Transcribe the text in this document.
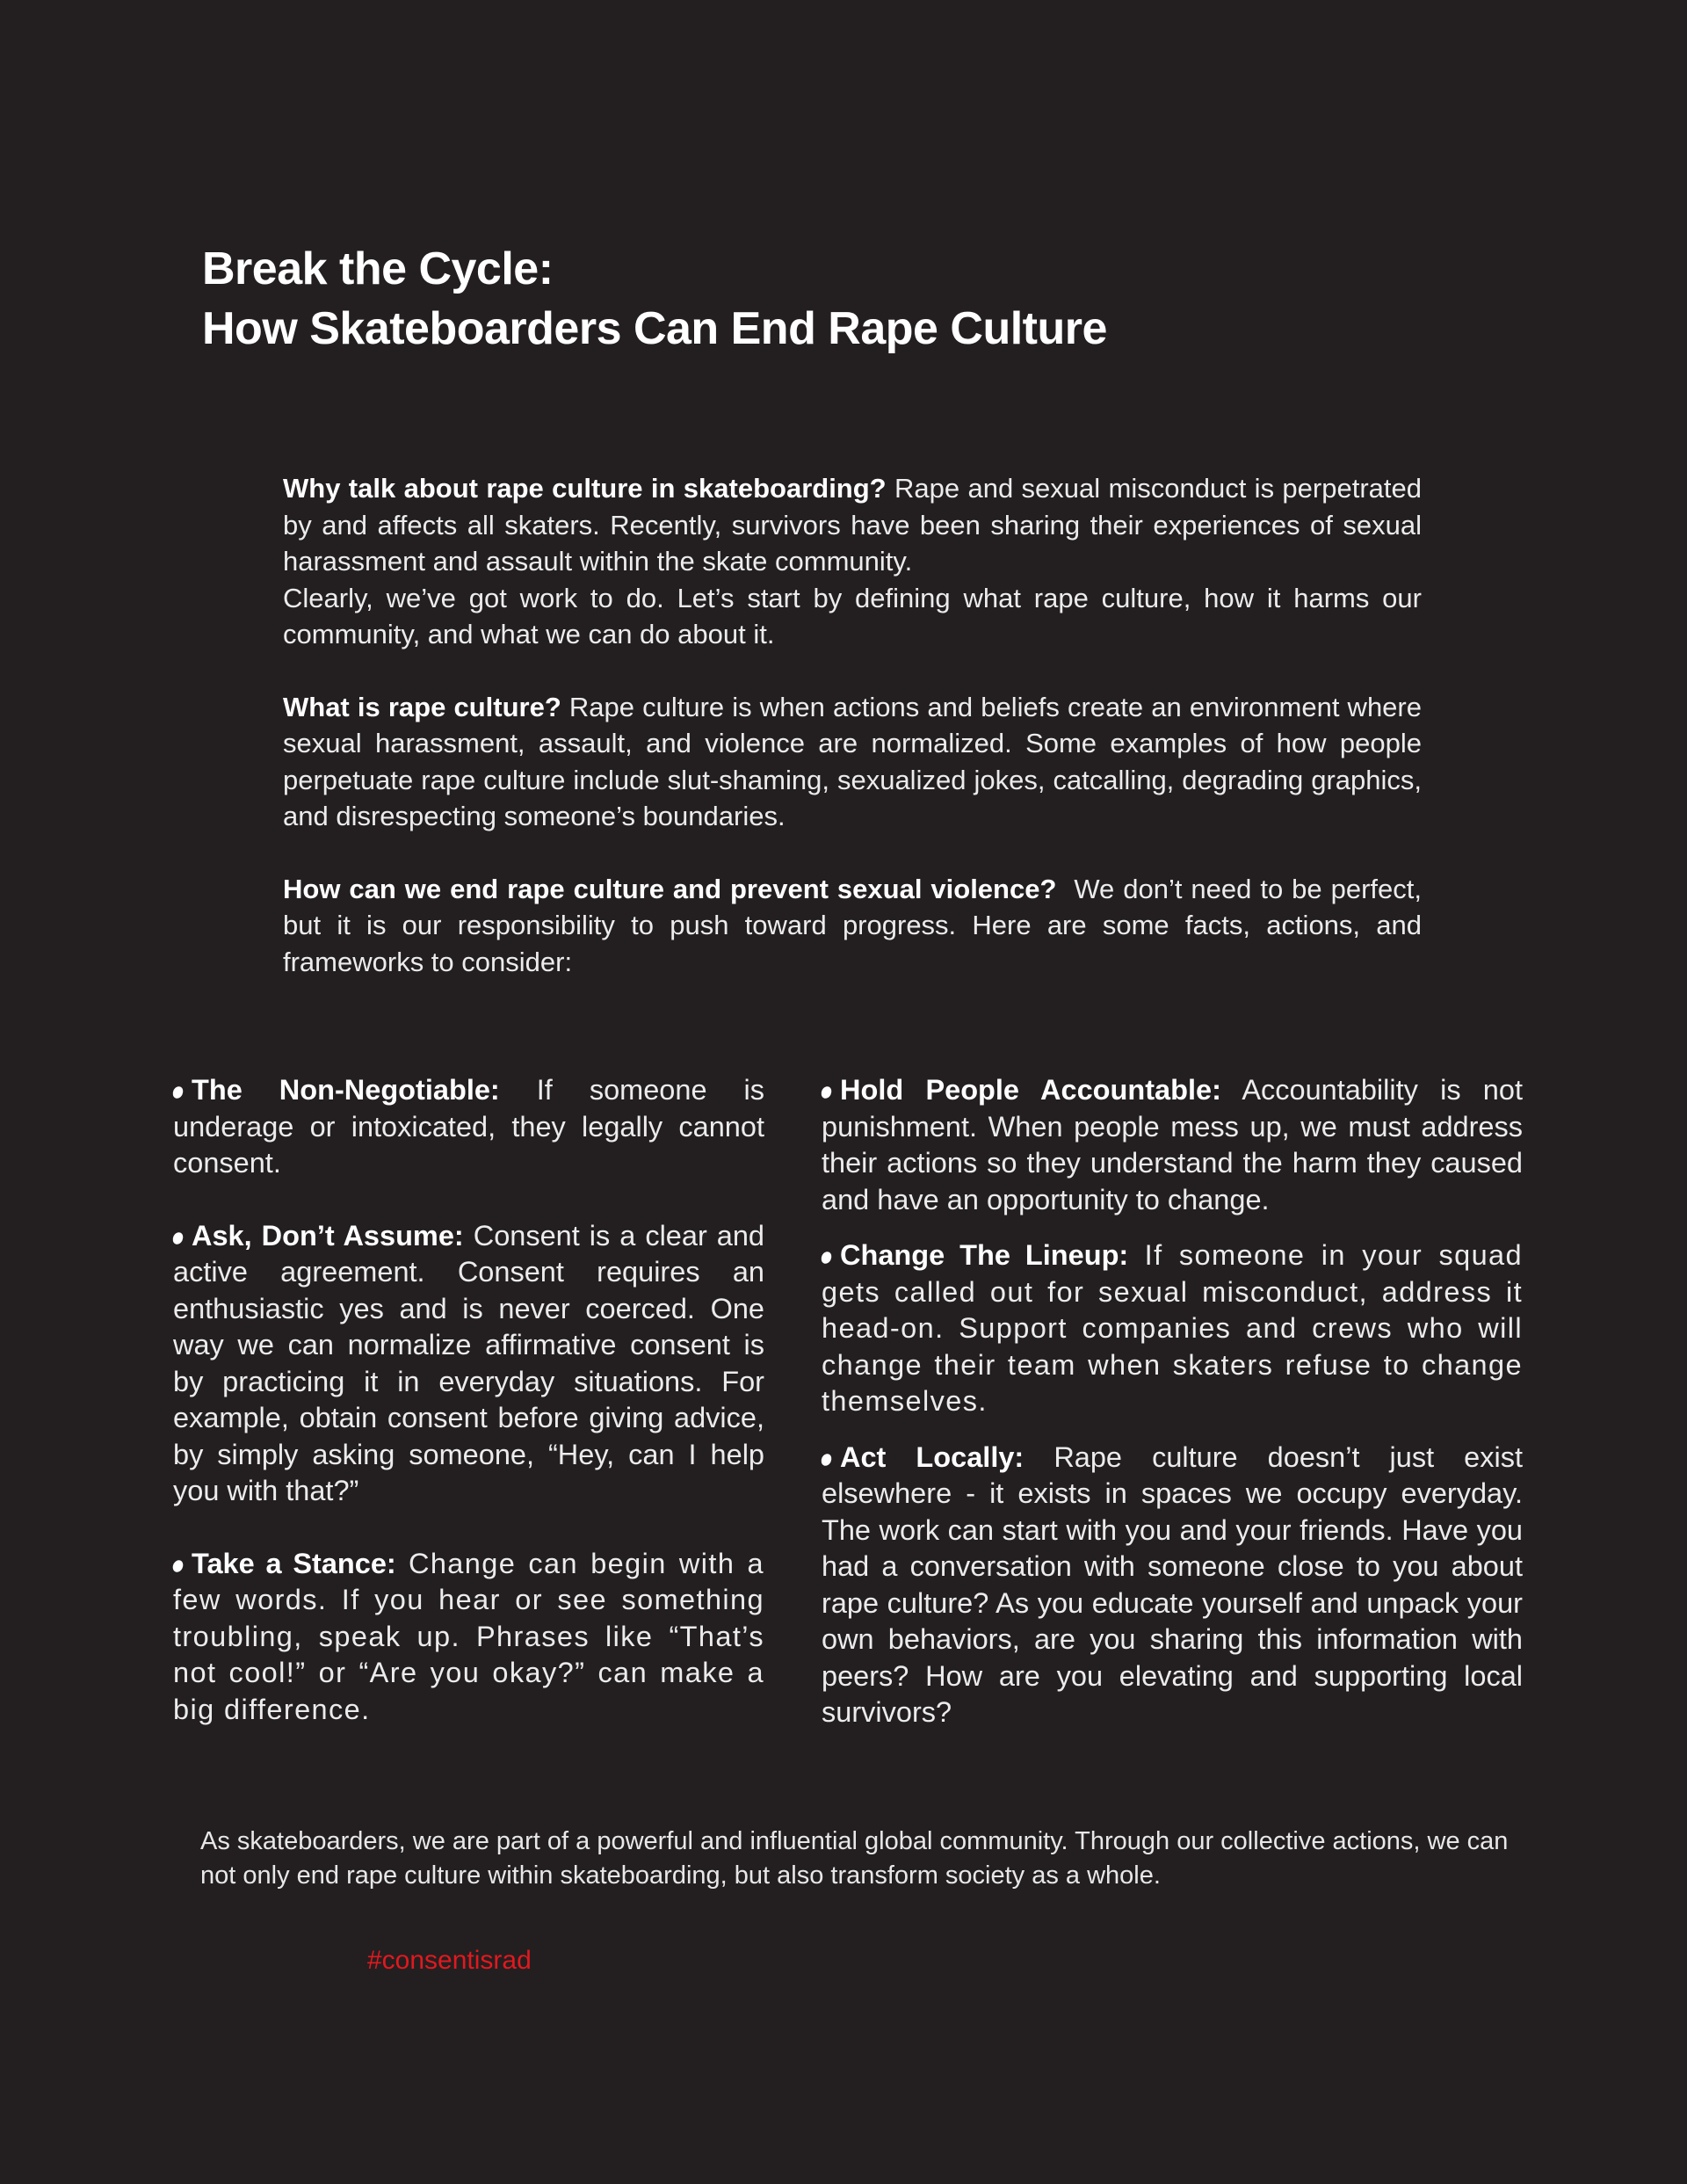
Break the Cycle:
How Skateboarders Can End Rape Culture

Why talk about rape culture in skateboarding? Rape and sexual misconduct is perpetrated by and affects all skaters. Recently, survivors have been sharing their experiences of sexual harassment and assault within the skate community.
Clearly, we’ve got work to do. Let’s start by defining what rape culture, how it harms our community, and what we can do about it.

What is rape culture? Rape culture is when actions and beliefs create an environment where sexual harassment, assault, and violence are normalized. Some examples of how people perpetuate rape culture include slut-shaming, sexualized jokes, catcalling, degrading graphics, and disrespecting someone’s boundaries.

How can we end rape culture and prevent sexual violence? We don’t need to be perfect, but it is our responsibility to push toward progress. Here are some facts, actions, and frameworks to consider:

The Non-Negotiable: If someone is underage or intoxicated, they legally cannot consent.
Ask, Don’t Assume: Consent is a clear and active agreement. Consent requires an enthusiastic yes and is never coerced. One way we can normalize affirmative consent is by practicing it in everyday situations. For example, obtain consent before giving advice, by simply asking someone, “Hey, can I help you with that?”
Take a Stance: Change can begin with a few words. If you hear or see something troubling, speak up. Phrases like “That’s not cool!” or “Are you okay?” can make a big difference.
Hold People Accountable: Accountability is not punishment. When people mess up, we must address their actions so they understand the harm they caused and have an opportunity to change.
Change The Lineup: If someone in your squad gets called out for sexual misconduct, address it head-on. Support companies and crews who will change their team when skaters refuse to change themselves.
Act Locally: Rape culture doesn’t just exist elsewhere - it exists in spaces we occupy everyday. The work can start with you and your friends. Have you had a conversation with someone close to you about rape culture? As you educate yourself and unpack your own behaviors, are you sharing this information with peers? How are you elevating and supporting local survivors?
As skateboarders, we are part of a powerful and influential global community. Through our collective actions, we can not only end rape culture within skateboarding, but also transform society as a whole.
#consentisrad
